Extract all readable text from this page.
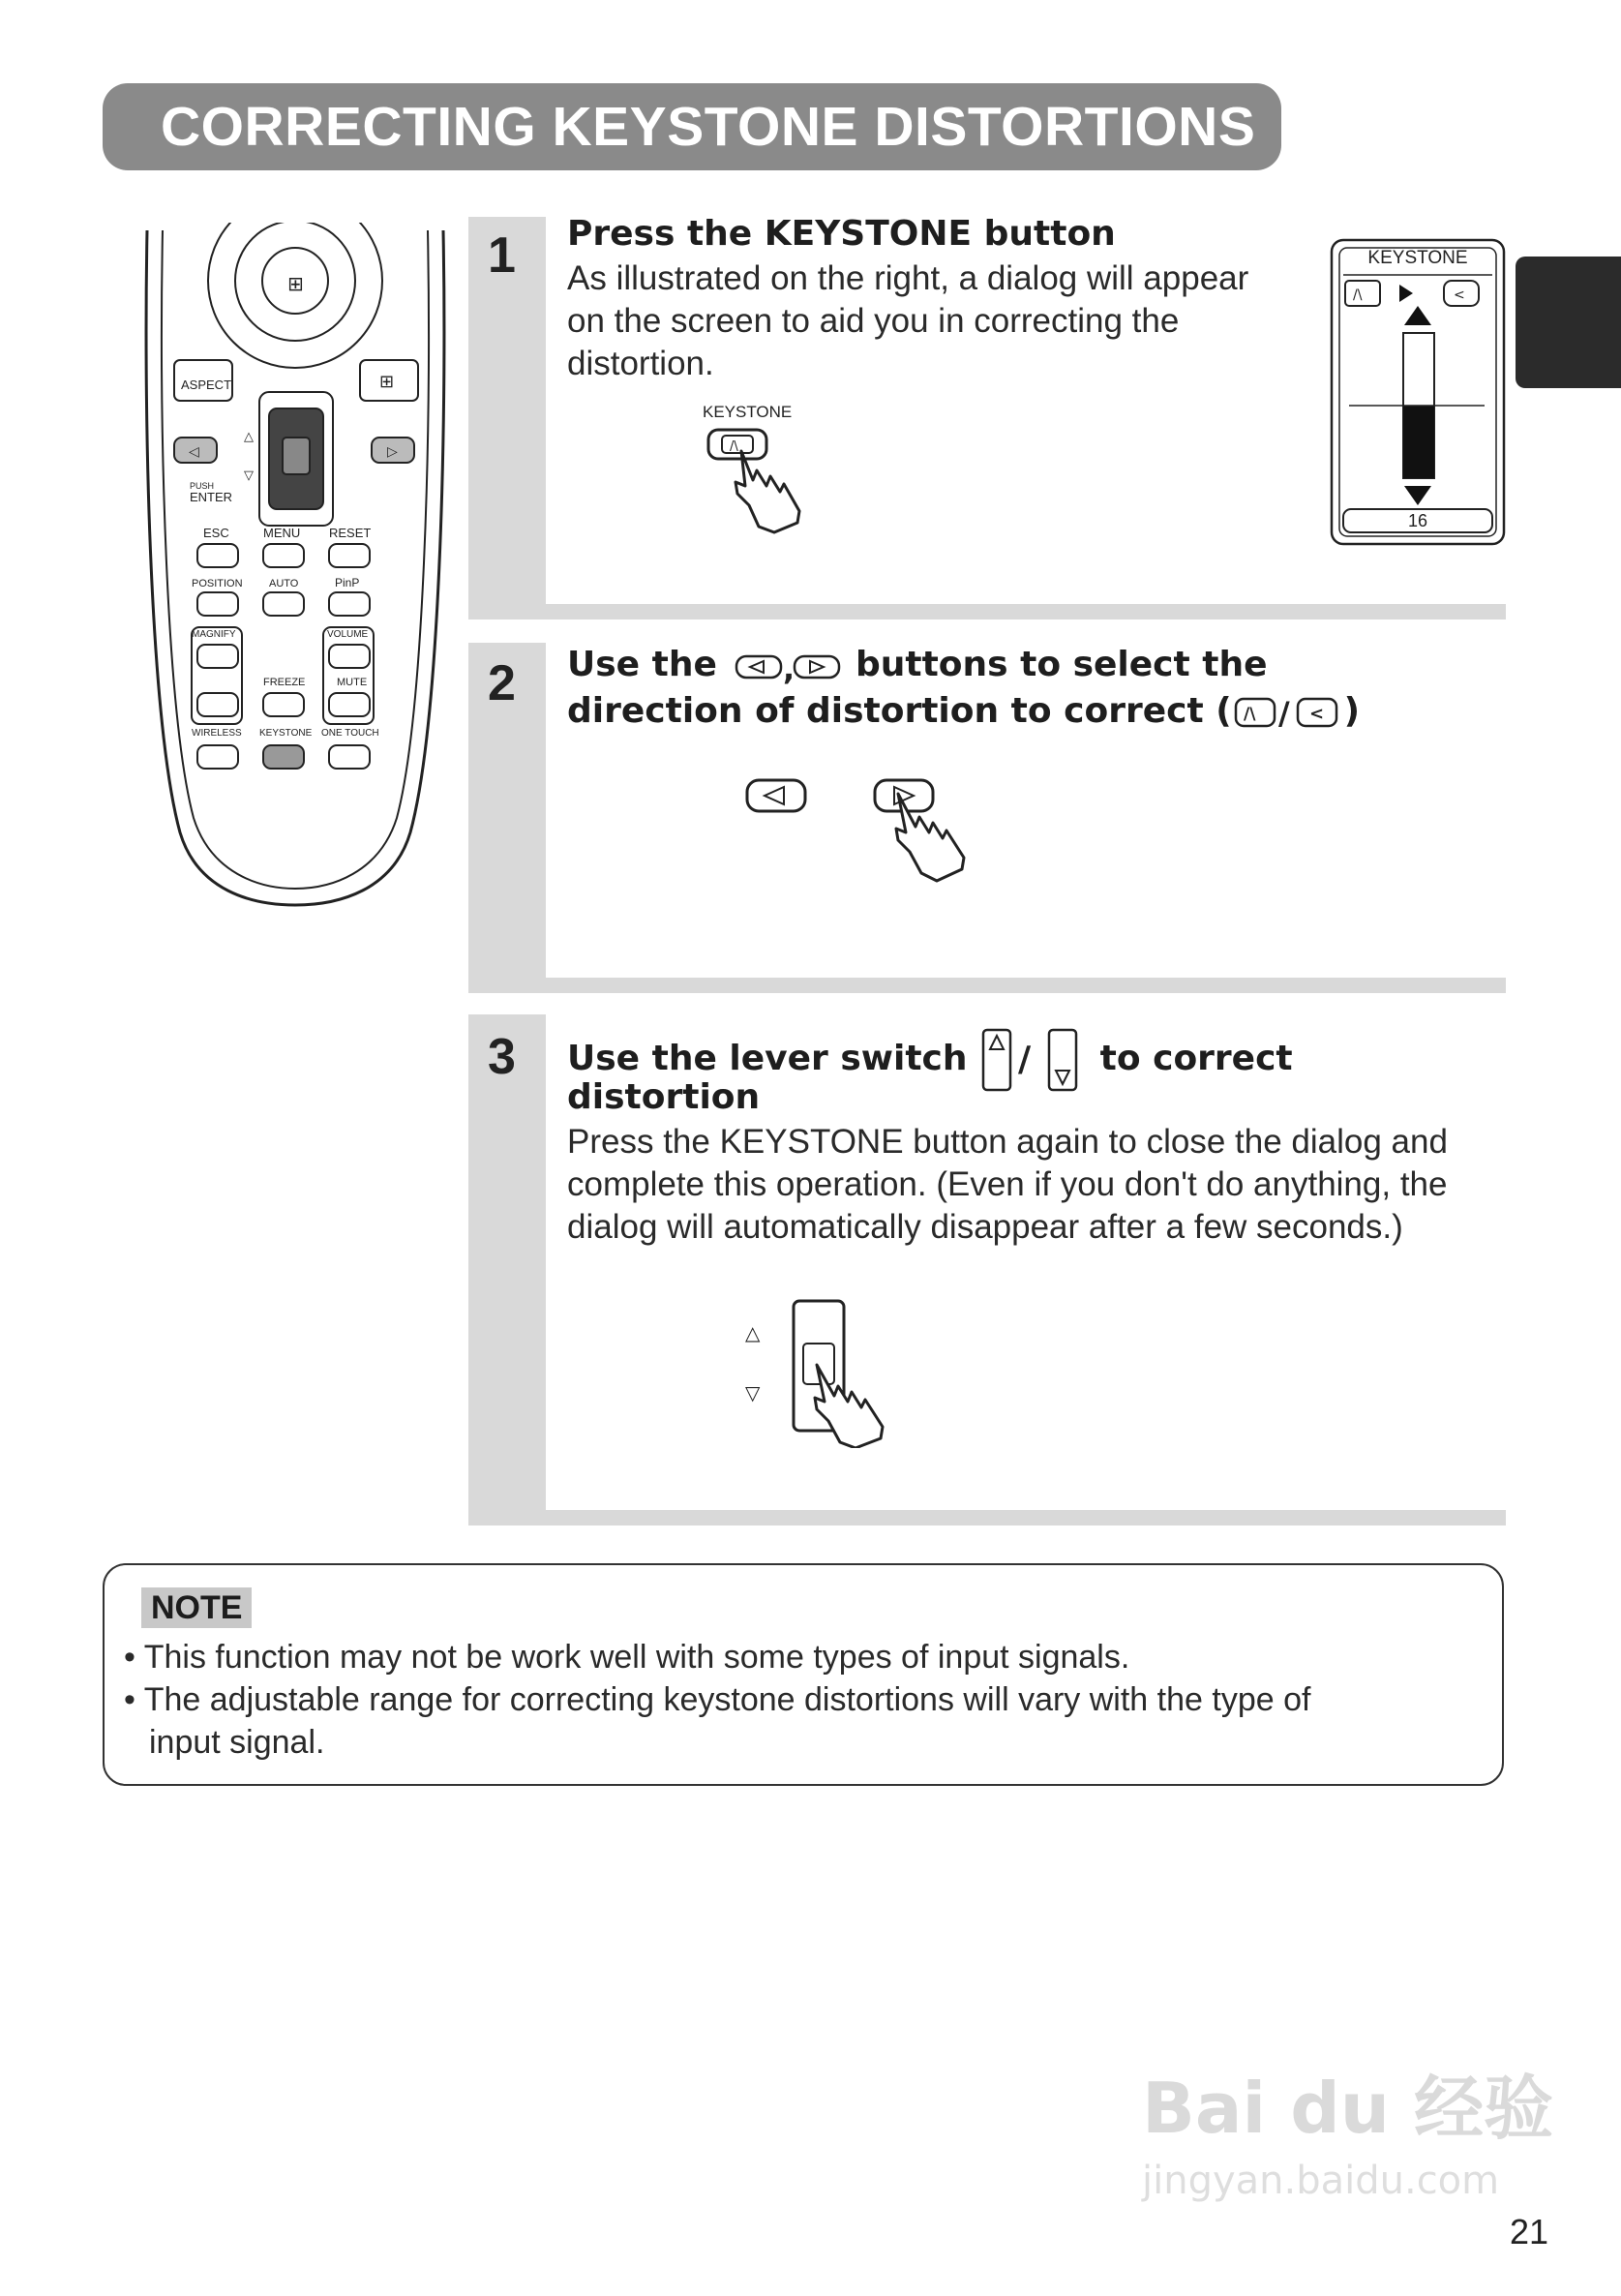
CORRECTING KEYSTONE DISTORTIONS
⊞
ASPECT	⊞
△
▽
◁	▷
PUSH
ENTER
ESC	MENU RESET
POSITION AUTO	PinP
MAGNIFY	VOLUME
FREEZE	MUTE
WIRELESS KEYSTONE ONE TOUCH
1 Press the KEYSTONE button
As illustrated on the right, a dialog will appear
on the screen to aid you in correcting the
distortion.
KEYSTONE
/\
/\	<
KEYSTONE
16
2 Use the , buttons to select the
direction of distortion to correct ( /\ / < )
3 Use the lever switch / to correct
distortion
Press the KEYSTONE button again to close the dialog and
complete this operation. (Even if you don't do anything, the
dialog will automatically disappear after a few seconds.)
△
▽
NOTE
• This function may not be work well with some types of input signals.
• The adjustable range for correcting keystone distortions will vary with the type of
input signal.
Bai du 经验
jingyan.baidu.com
21
